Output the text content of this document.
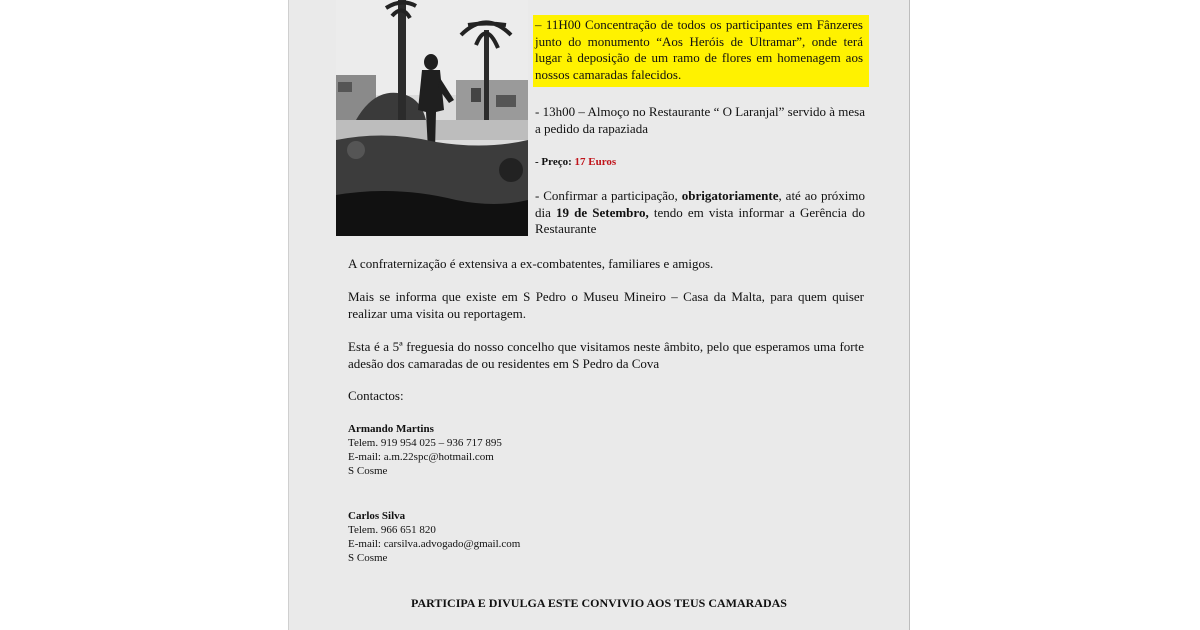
– 11H00 Concentração de todos os participantes em Fânzeres junto do monumento “Aos Heróis de Ultramar”, onde terá lugar à deposição de um ramo de flores em homenagem aos nossos camaradas falecidos.

- 13h00 – Almoço no Restaurante “ O Laranjal” servido à mesa a pedido da rapaziada

- Preço: 17 Euros

- Confirmar a participação, obrigatoriamente, até ao próximo dia 19 de Setembro, tendo em vista informar a Gerência do Restaurante

A confraternização é extensiva a ex-combatentes, familiares e amigos.

Mais se informa que existe em S Pedro o Museu Mineiro – Casa da Malta, para quem quiser realizar uma visita ou reportagem.

Esta é a 5ª freguesia do nosso concelho que visitamos neste âmbito, pelo que esperamos uma forte adesão dos camaradas de ou residentes em S Pedro da Cova

Contactos:

Armando Martins
Telem. 919 954 025 – 936 717 895
E-mail: a.m.22spc@hotmail.com
S Cosme
Carlos Silva
Telem. 966 651 820
E-mail: carsilva.advogado@gmail.com
S Cosme
PARTICIPA E DIVULGA ESTE CONVIVIO AOS TEUS CAMARADAS
